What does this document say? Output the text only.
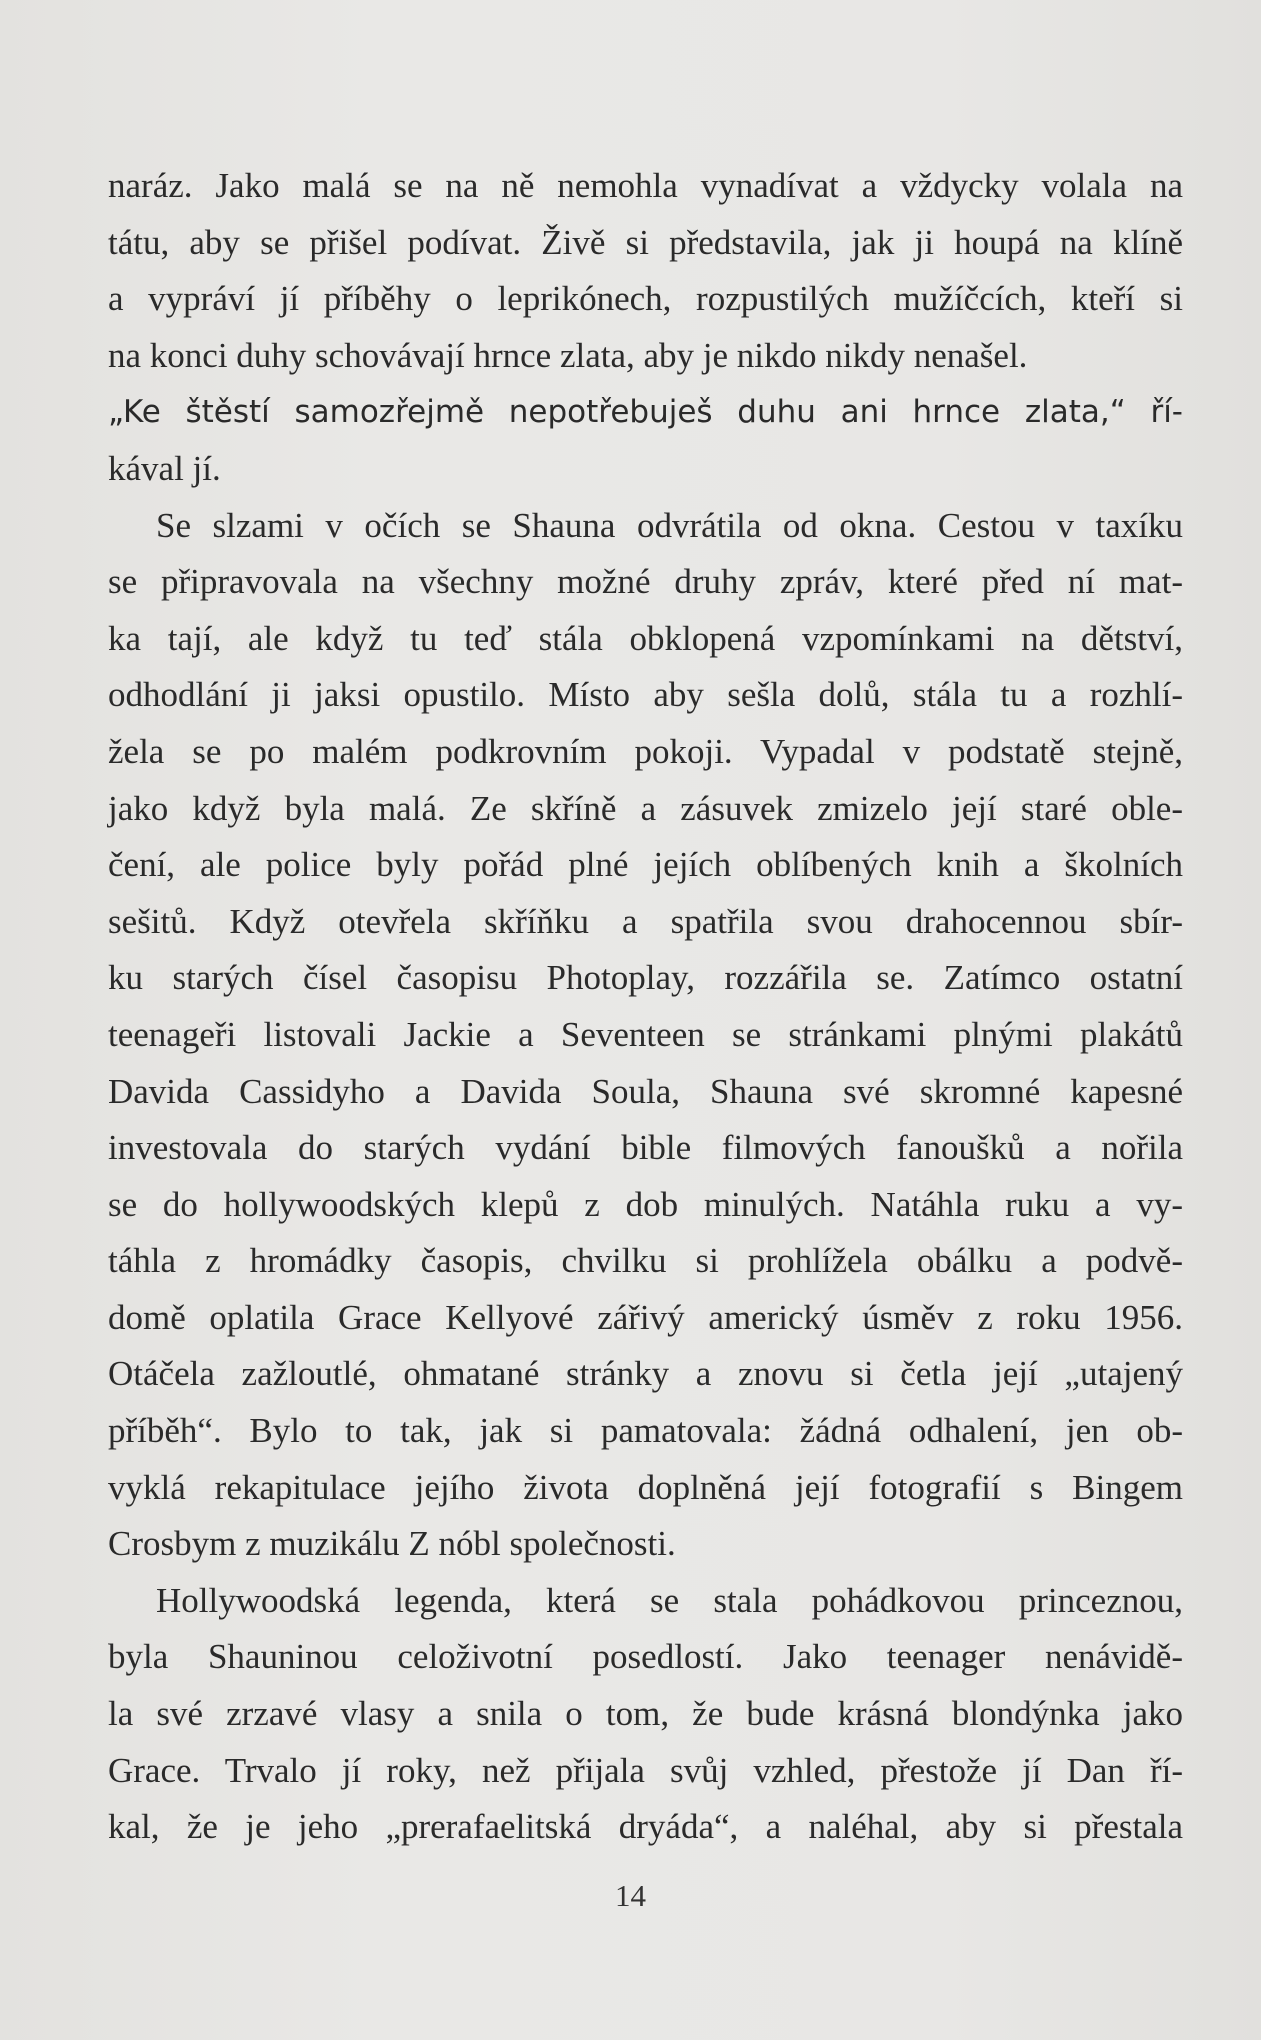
naráz. Jako malá se na ně nemohla vynadívat a vždycky volala na
tátu, aby se přišel podívat. Živě si představila, jak ji houpá na klíně
a vypráví jí příběhy o leprikónech, rozpustilých mužíčcích, kteří si
na konci duhy schovávají hrnce zlata, aby je nikdo nikdy nenašel.
„Ke štěstí samozřejmě nepotřebuješ duhu ani hrnce zlata,“ ří-
kával jí.
Se slzami v očích se Shauna odvrátila od okna. Cestou v taxíku
se připravovala na všechny možné druhy zpráv, které před ní mat-
ka tají, ale když tu teď stála obklopená vzpomínkami na dětství,
odhodlání ji jaksi opustilo. Místo aby sešla dolů, stála tu a rozhlí-
žela se po malém podkrovním pokoji. Vypadal v podstatě stejně,
jako když byla malá. Ze skříně a zásuvek zmizelo její staré oble-
čení, ale police byly pořád plné jejích oblíbených knih a školních
sešitů. Když otevřela skříňku a spatřila svou drahocennou sbír-
ku starých čísel časopisu Photoplay, rozzářila se. Zatímco ostatní
teenageři listovali Jackie a Seventeen se stránkami plnými plakátů
Davida Cassidyho a Davida Soula, Shauna své skromné kapesné
investovala do starých vydání bible filmových fanoušků a nořila
se do hollywoodských klepů z dob minulých. Natáhla ruku a vy-
táhla z hromádky časopis, chvilku si prohlížela obálku a podvě-
domě oplatila Grace Kellyové zářivý americký úsměv z roku 1956.
Otáčela zažloutlé, ohmatané stránky a znovu si četla její „utajený
příběh“. Bylo to tak, jak si pamatovala: žádná odhalení, jen ob-
vyklá rekapitulace jejího života doplněná její fotografií s Bingem
Crosbym z muzikálu Z nóbl společnosti.
Hollywoodská legenda, která se stala pohádkovou princeznou,
byla Shauninou celoživotní posedlostí. Jako teenager nenávidě-
la své zrzavé vlasy a snila o tom, že bude krásná blondýnka jako
Grace. Trvalo jí roky, než přijala svůj vzhled, přestože jí Dan ří-
kal, že je jeho „prerafaelitská dryáda“, a naléhal, aby si přestala
14
